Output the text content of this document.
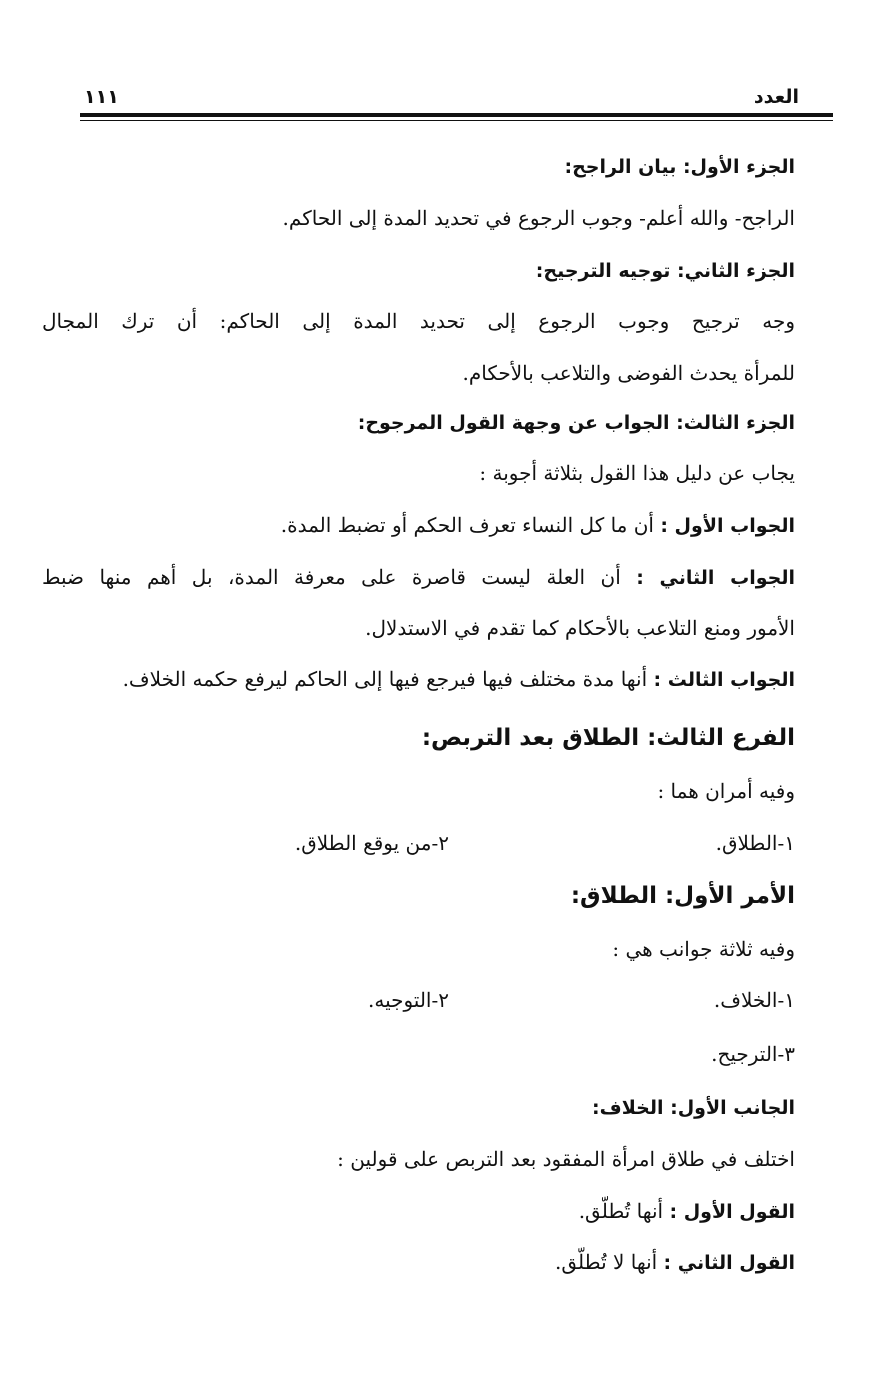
العدد
١١١
الجزء الأول: بيان الراجح:
الراجح- والله أعلم- وجوب الرجوع في تحديد المدة إلى الحاكم.
الجزء الثاني: توجيه الترجيح:
وجه ترجيح وجوب الرجوع إلى تحديد المدة إلى الحاكم: أن ترك المجال
للمرأة يحدث الفوضى والتلاعب بالأحكام.
الجزء الثالث: الجواب عن وجهة القول المرجوح:
يجاب عن دليل هذا القول بثلاثة أجوبة :
الجواب الأول : أن ما كل النساء تعرف الحكم أو تضبط المدة.
الجواب الثاني : أن العلة ليست قاصرة على معرفة المدة، بل أهم منها ضبط
الأمور ومنع التلاعب بالأحكام كما تقدم في الاستدلال.
الجواب الثالث : أنها مدة مختلف فيها فيرجع فيها إلى الحاكم ليرفع حكمه الخلاف.
الفرع الثالث: الطلاق بعد التربص:
وفيه أمران هما :
١-الطلاق.
٢-من يوقع الطلاق.
الأمر الأول: الطلاق:
وفيه ثلاثة جوانب هي :
١-الخلاف.
٢-التوجيه.
٣-الترجيح.
الجانب الأول: الخلاف:
اختلف في طلاق امرأة المفقود بعد التربص على قولين :
القول الأول : أنها تُطلّق.
القول الثاني : أنها لا تُطلّق.
